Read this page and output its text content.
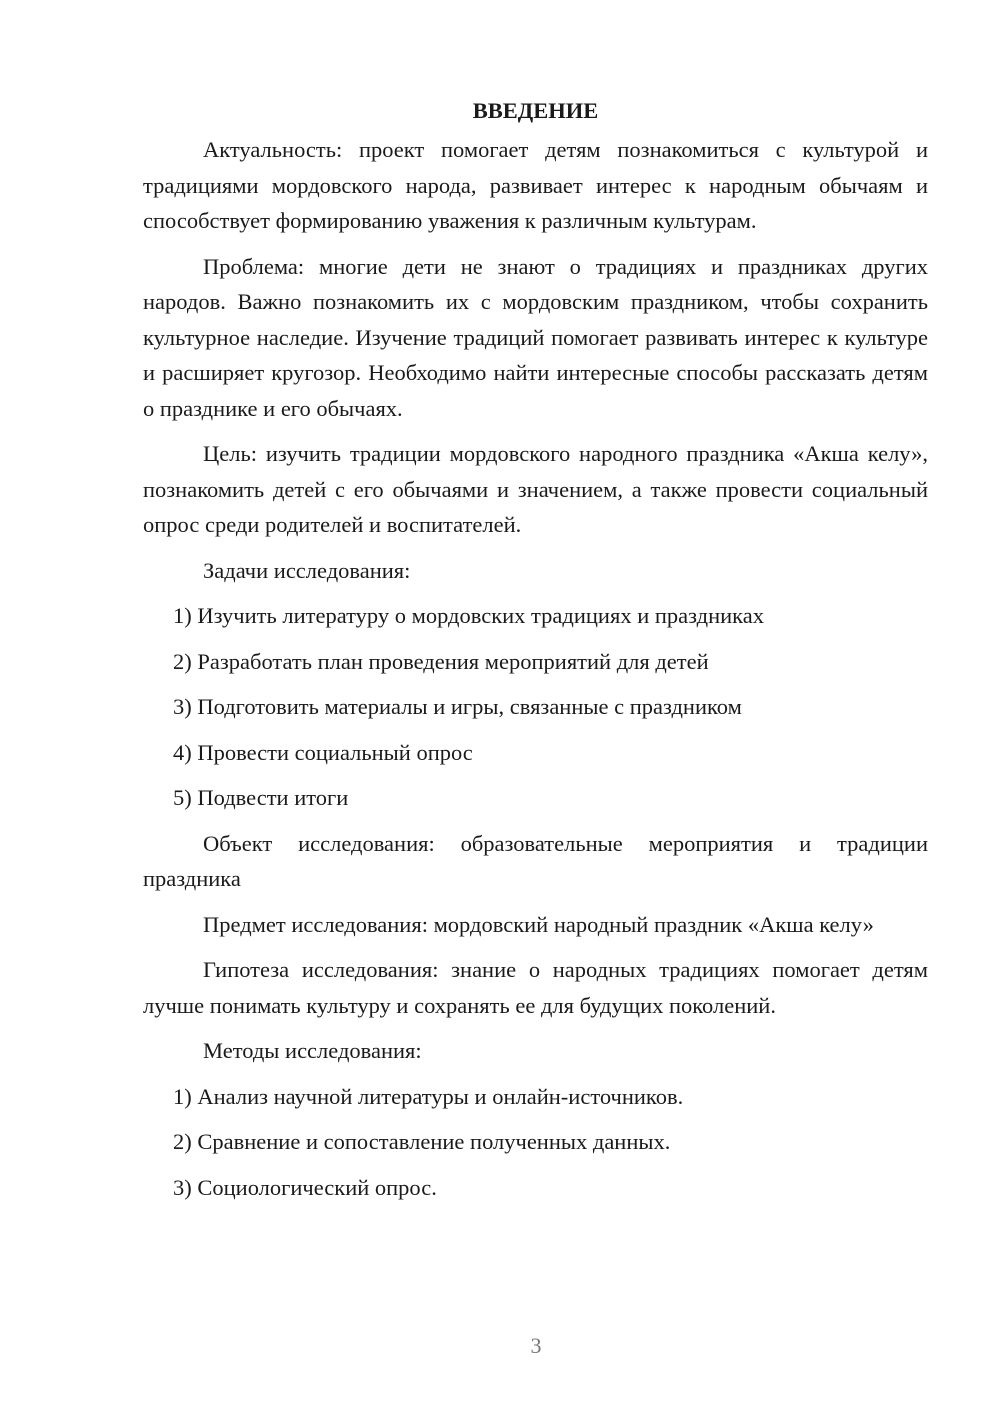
ВВЕДЕНИЕ

Актуальность: проект помогает детям познакомиться с культурой и традициями мордовского народа, развивает интерес к народным обычаям и способствует формированию уважения к различным культурам.

Проблема: многие дети не знают о традициях и праздниках других народов. Важно познакомить их с мордовским праздником, чтобы сохранить культурное наследие. Изучение традиций помогает развивать интерес к культуре и расширяет кругозор. Необходимо найти интересные способы рассказать детям о празднике и его обычаях.

Цель: изучить традиции мордовского народного праздника «Акша келу», познакомить детей с его обычаями и значением, а также провести социальный опрос среди родителей и воспитателей.

Задачи исследования:

1) Изучить литературу о мордовских традициях и праздниках

2) Разработать план проведения мероприятий для детей

3) Подготовить материалы и игры, связанные с праздником

4) Провести социальный опрос

5) Подвести итоги

Объект исследования: образовательные мероприятия и традиции праздника

Предмет исследования: мордовский народный праздник «Акша келу»

Гипотеза исследования: знание о народных традициях помогает детям лучше понимать культуру и сохранять ее для будущих поколений.

Методы исследования:

1) Анализ научной литературы и онлайн-источников.

2) Сравнение и сопоставление полученных данных.

3) Социологический опрос.

3
